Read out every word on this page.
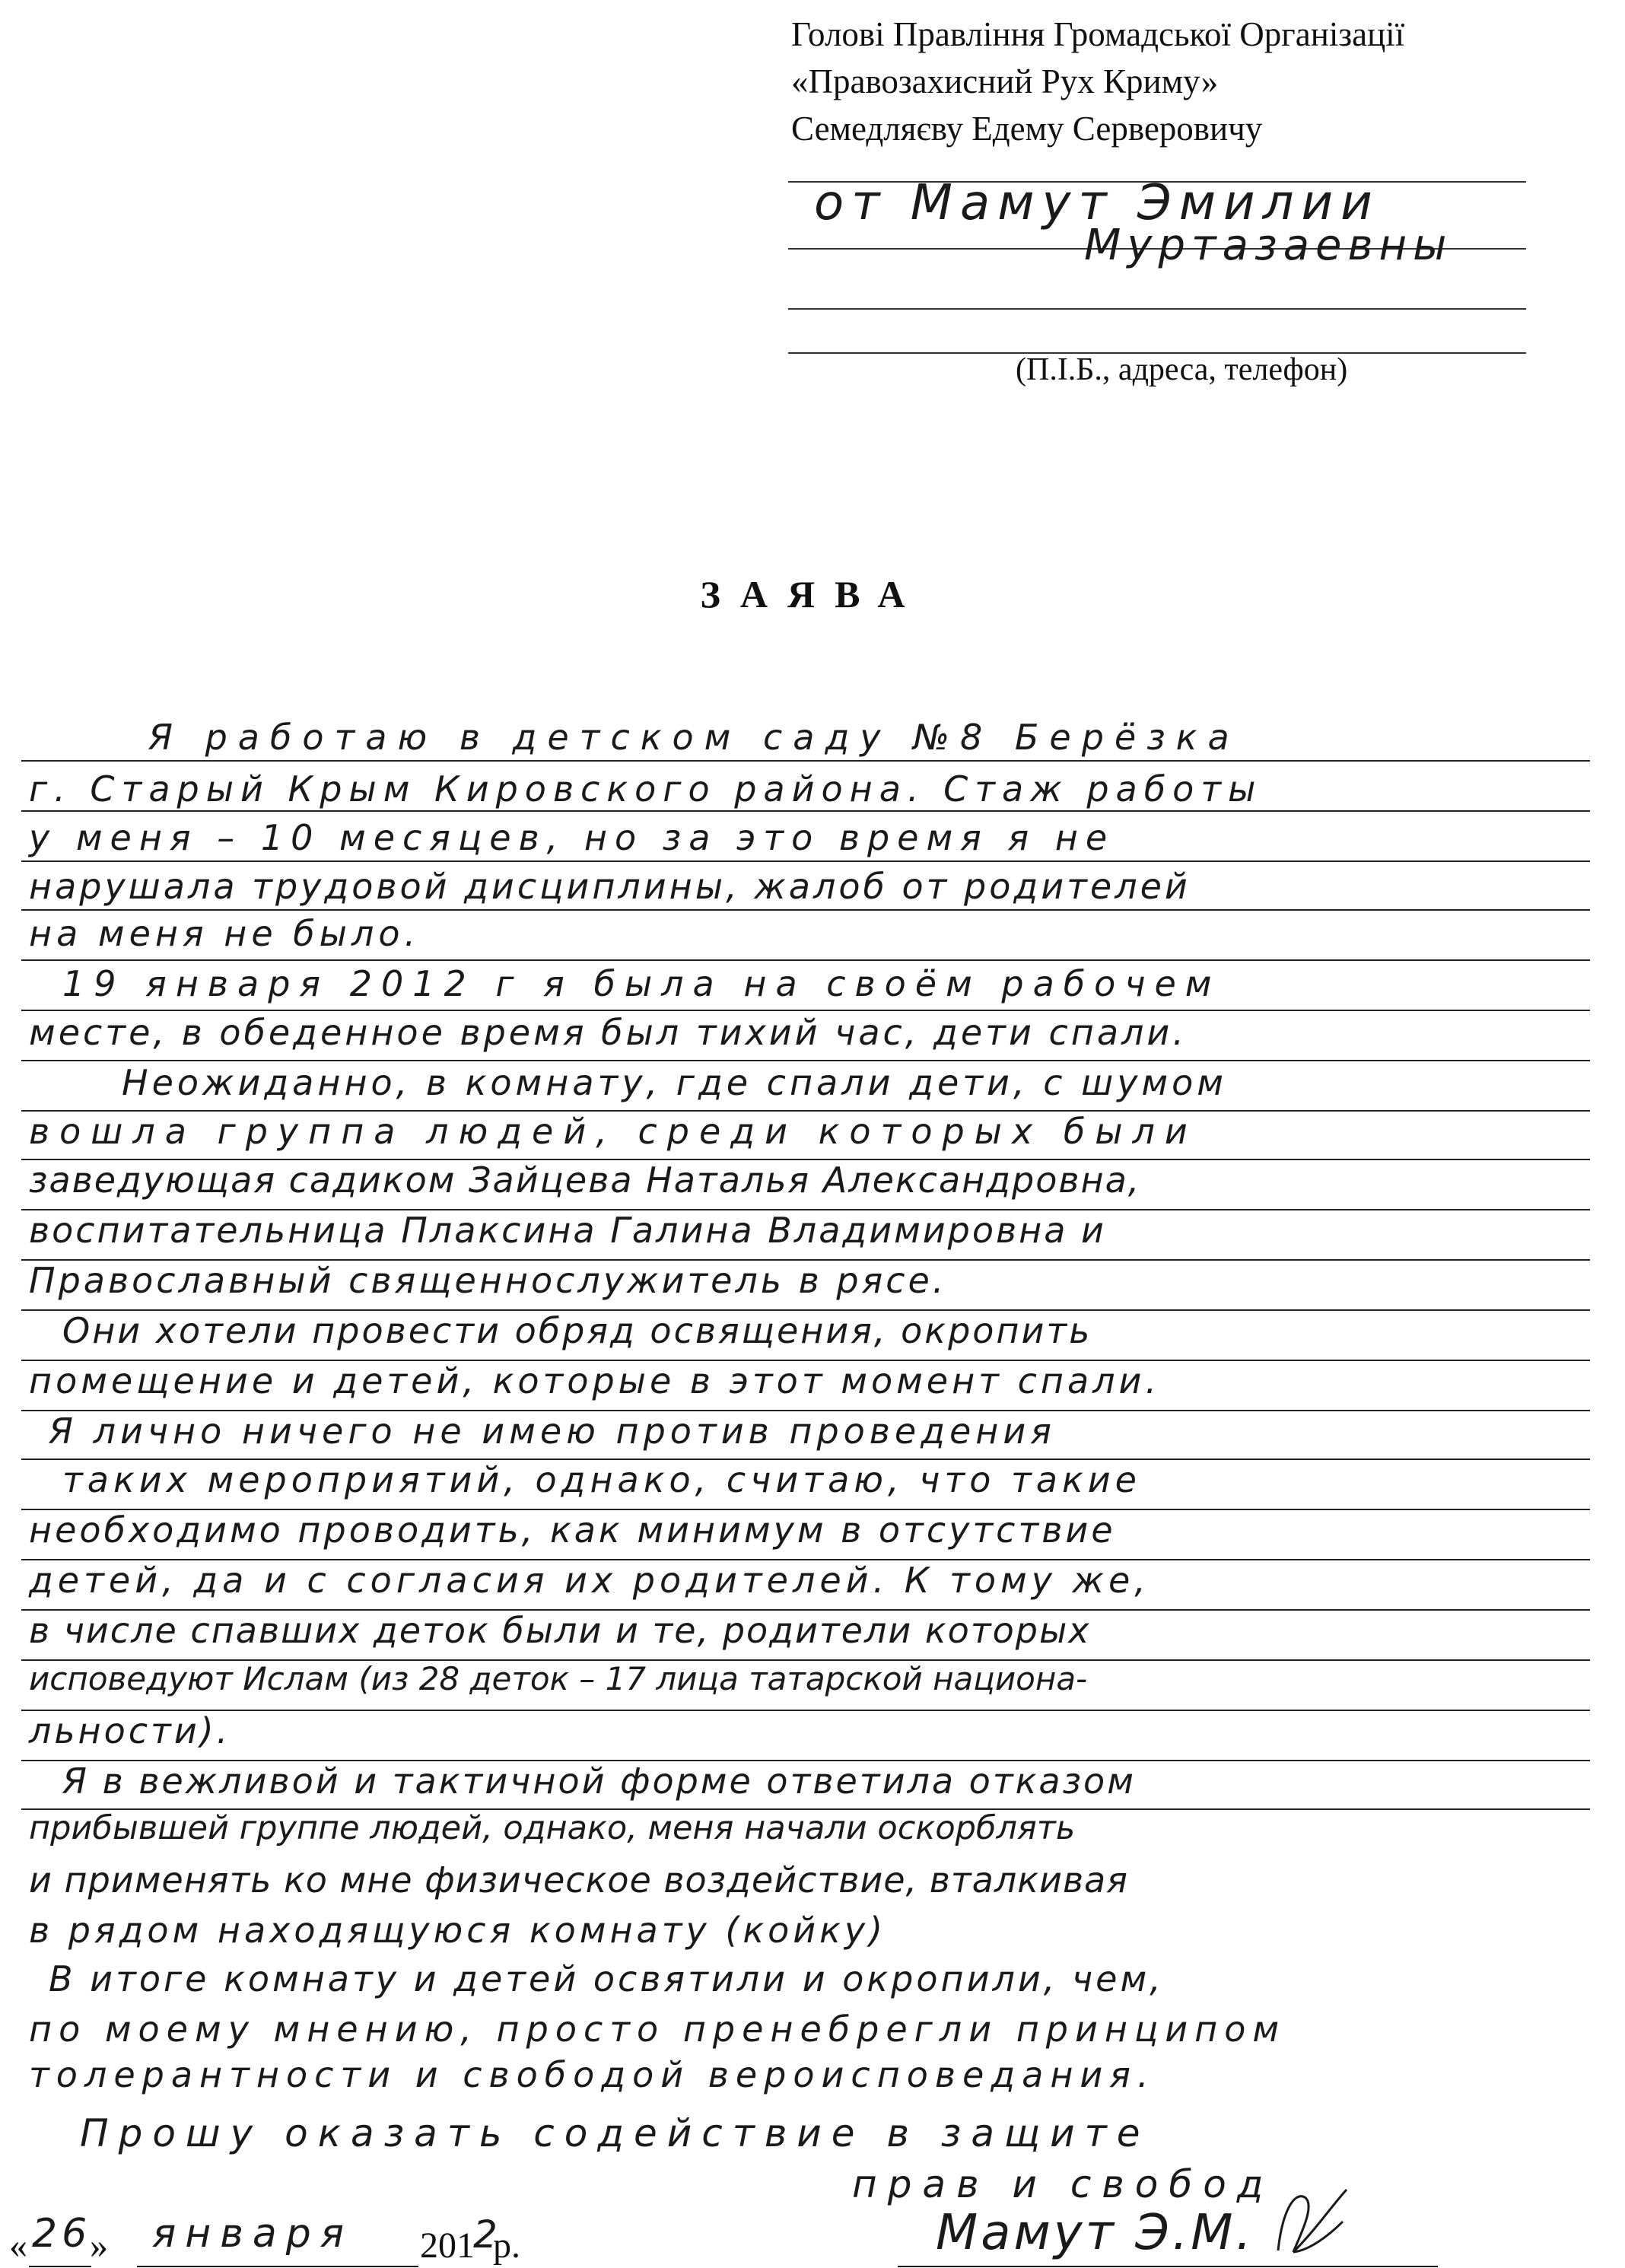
Голові Правління Громадської Організації
«Правозахисний Рух Криму»
Семедляєву Едему Серверовичу
от Мамут Эмилии
Муртазаевны
(П.І.Б., адреса, телефон)
ЗАЯВА
Я работаю в детском саду №8 Берёзка
г. Старый Крым Кировского района. Стаж работы
у меня – 10 месяцев, но за это время я не
нарушала трудовой дисциплины, жалоб от родителей
на меня не было.
19 января 2012 г я была на своём рабочем
месте, в обеденное время был тихий час, дети спали.
Неожиданно, в комнату, где спали дети, с шумом
вошла группа людей, среди которых были
заведующая садиком Зайцева Наталья Александровна,
воспитательница Плаксина Галина Владимировна и
Православный священнослужитель в рясе.
Они хотели провести обряд освящения, окропить
помещение и детей, которые в этот момент спали.
Я лично ничего не имею против проведения
таких мероприятий, однако, считаю, что такие
необходимо проводить, как минимум в отсутствие
детей, да и с согласия их родителей. К тому же,
в числе спавших деток были и те, родители которых
исповедуют Ислам (из 28 деток – 17 лица татарской национа-
льности).
Я в вежливой и тактичной форме ответила отказом
прибывшей группе людей, однако, меня начали оскорблять
и применять ко мне физическое воздействие, вталкивая
в рядом находящуюся комнату (койку)
В итоге комнату и детей освятили и окропили, чем,
по моему мнению, просто пренебрегли принципом
толерантности и свободой вероисповедания.
Прошу оказать содействие в защите
прав и свобод
« 26
» января 201
2
р.	Мамут Э.М.
